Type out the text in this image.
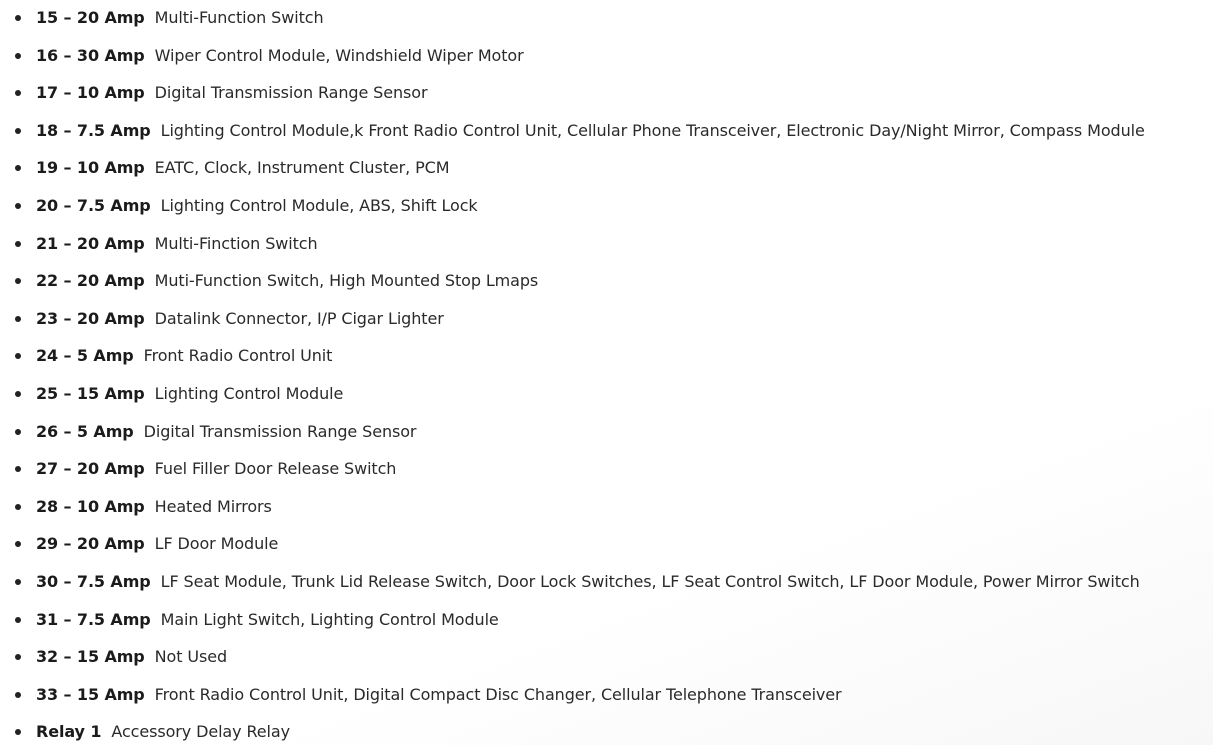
15 – 20 Amp Multi-Function Switch
16 – 30 Amp Wiper Control Module, Windshield Wiper Motor
17 – 10 Amp Digital Transmission Range Sensor
18 – 7.5 Amp Lighting Control Module,k Front Radio Control Unit, Cellular Phone Transceiver, Electronic Day/Night Mirror, Compass Module
19 – 10 Amp EATC, Clock, Instrument Cluster, PCM
20 – 7.5 Amp Lighting Control Module, ABS, Shift Lock
21 – 20 Amp Multi-Finction Switch
22 – 20 Amp Muti-Function Switch, High Mounted Stop Lmaps
23 – 20 Amp Datalink Connector, I/P Cigar Lighter
24 – 5 Amp Front Radio Control Unit
25 – 15 Amp Lighting Control Module
26 – 5 Amp Digital Transmission Range Sensor
27 – 20 Amp Fuel Filler Door Release Switch
28 – 10 Amp Heated Mirrors
29 – 20 Amp LF Door Module
30 – 7.5 Amp LF Seat Module, Trunk Lid Release Switch, Door Lock Switches, LF Seat Control Switch, LF Door Module, Power Mirror Switch
31 – 7.5 Amp Main Light Switch, Lighting Control Module
32 – 15 Amp Not Used
33 – 15 Amp Front Radio Control Unit, Digital Compact Disc Changer, Cellular Telephone Transceiver
Relay 1 Accessory Delay Relay
